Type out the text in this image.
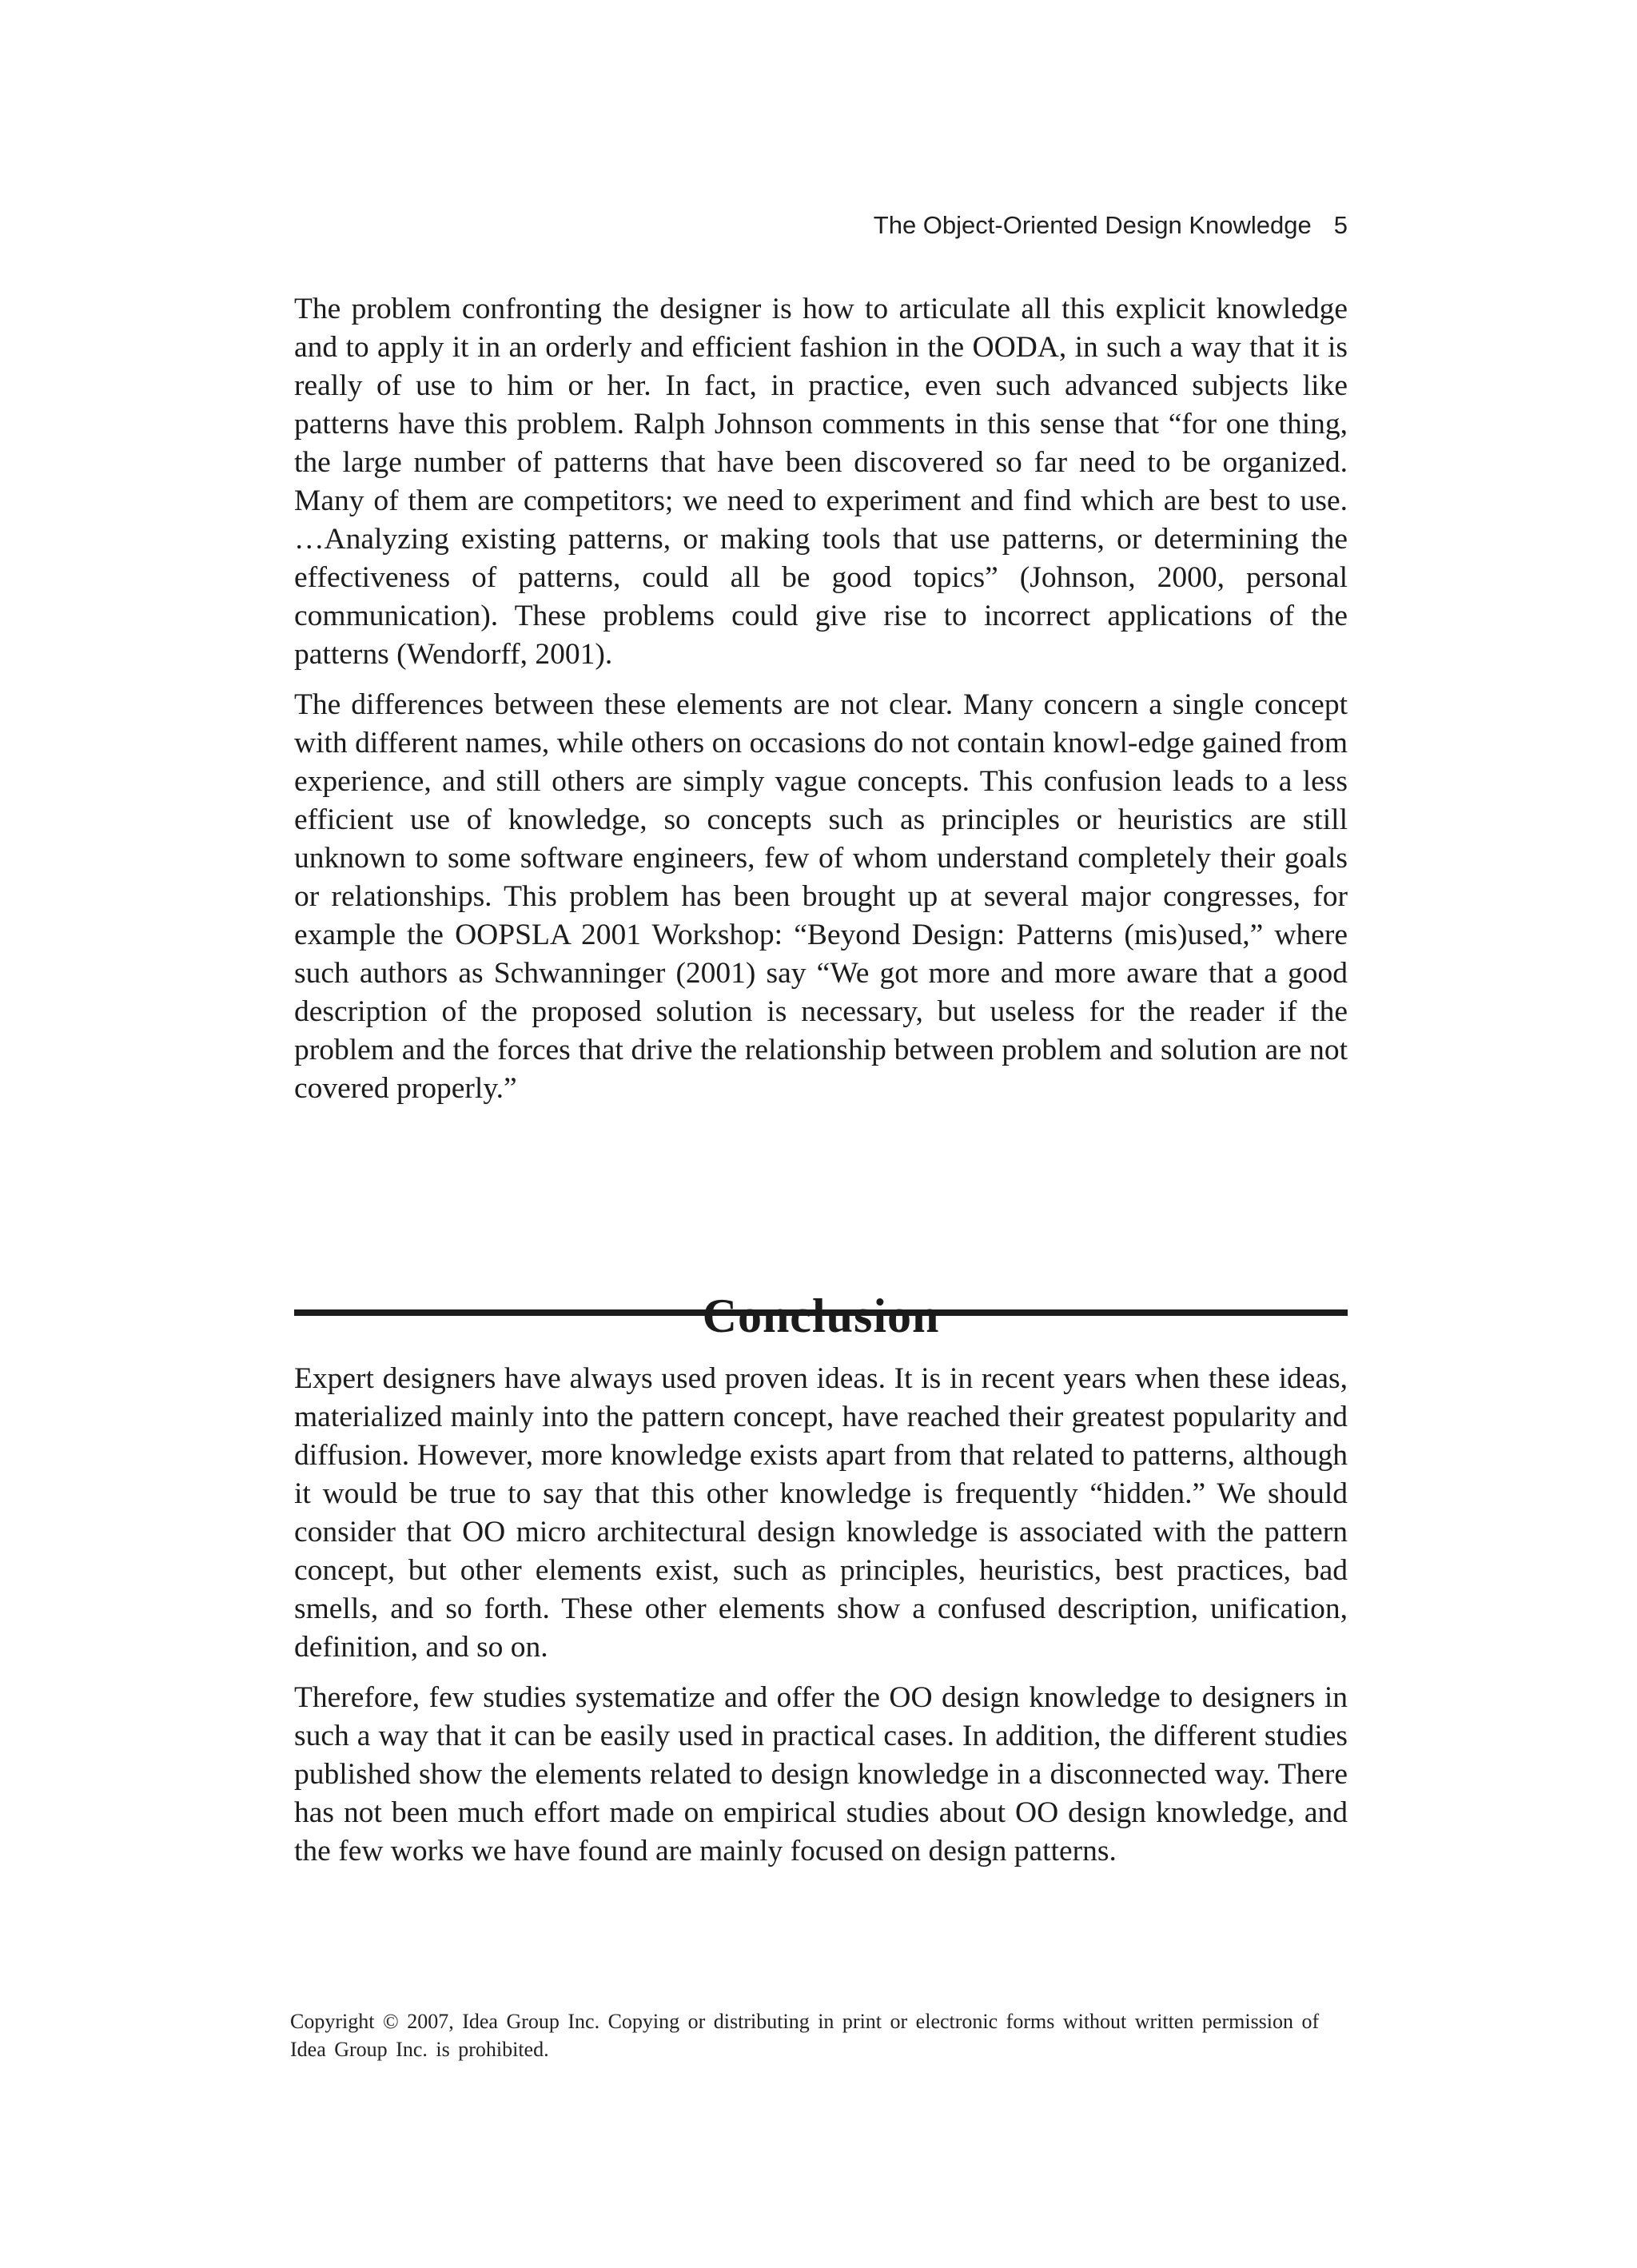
The Object-Oriented Design Knowledge 5

The problem confronting the designer is how to articulate all this explicit knowledge and to apply it in an orderly and efficient fashion in the OODA, in such a way that it is really of use to him or her. In fact, in practice, even such advanced subjects like patterns have this problem. Ralph Johnson comments in this sense that “for one thing, the large number of patterns that have been discovered so far need to be organized. Many of them are competitors; we need to experiment and find which are best to use. …Analyzing existing patterns, or making tools that use patterns, or determining the effectiveness of patterns, could all be good topics” (Johnson, 2000, personal communication). These problems could give rise to incorrect applications of the patterns (Wendorff, 2001).

The differences between these elements are not clear. Many concern a single concept with different names, while others on occasions do not contain knowl-edge gained from experience, and still others are simply vague concepts. This confusion leads to a less efficient use of knowledge, so concepts such as principles or heuristics are still unknown to some software engineers, few of whom understand completely their goals or relationships. This problem has been brought up at several major congresses, for example the OOPSLA 2001 Workshop: “Beyond Design: Patterns (mis)used,” where such authors as Schwanninger (2001) say “We got more and more aware that a good description of the proposed solution is necessary, but useless for the reader if the problem and the forces that drive the relationship between problem and solution are not covered properly.”

Expert designers have always used proven ideas. It is in recent years when these ideas, materialized mainly into the pattern concept, have reached their greatest popularity and diffusion. However, more knowledge exists apart from that related to patterns, although it would be true to say that this other knowledge is frequently “hidden.” We should consider that OO micro architectural design knowledge is associated with the pattern concept, but other elements exist, such as principles, heuristics, best practices, bad smells, and so forth. These other elements show a confused description, unification, definition, and so on.

Therefore, few studies systematize and offer the OO design knowledge to designers in such a way that it can be easily used in practical cases. In addition, the different studies published show the elements related to design knowledge in a disconnected way. There has not been much effort made on empirical studies about OO design knowledge, and the few works we have found are mainly focused on design patterns.

Copyright © 2007, Idea Group Inc. Copying or distributing in print or electronic forms without written permission of Idea Group Inc. is prohibited.
